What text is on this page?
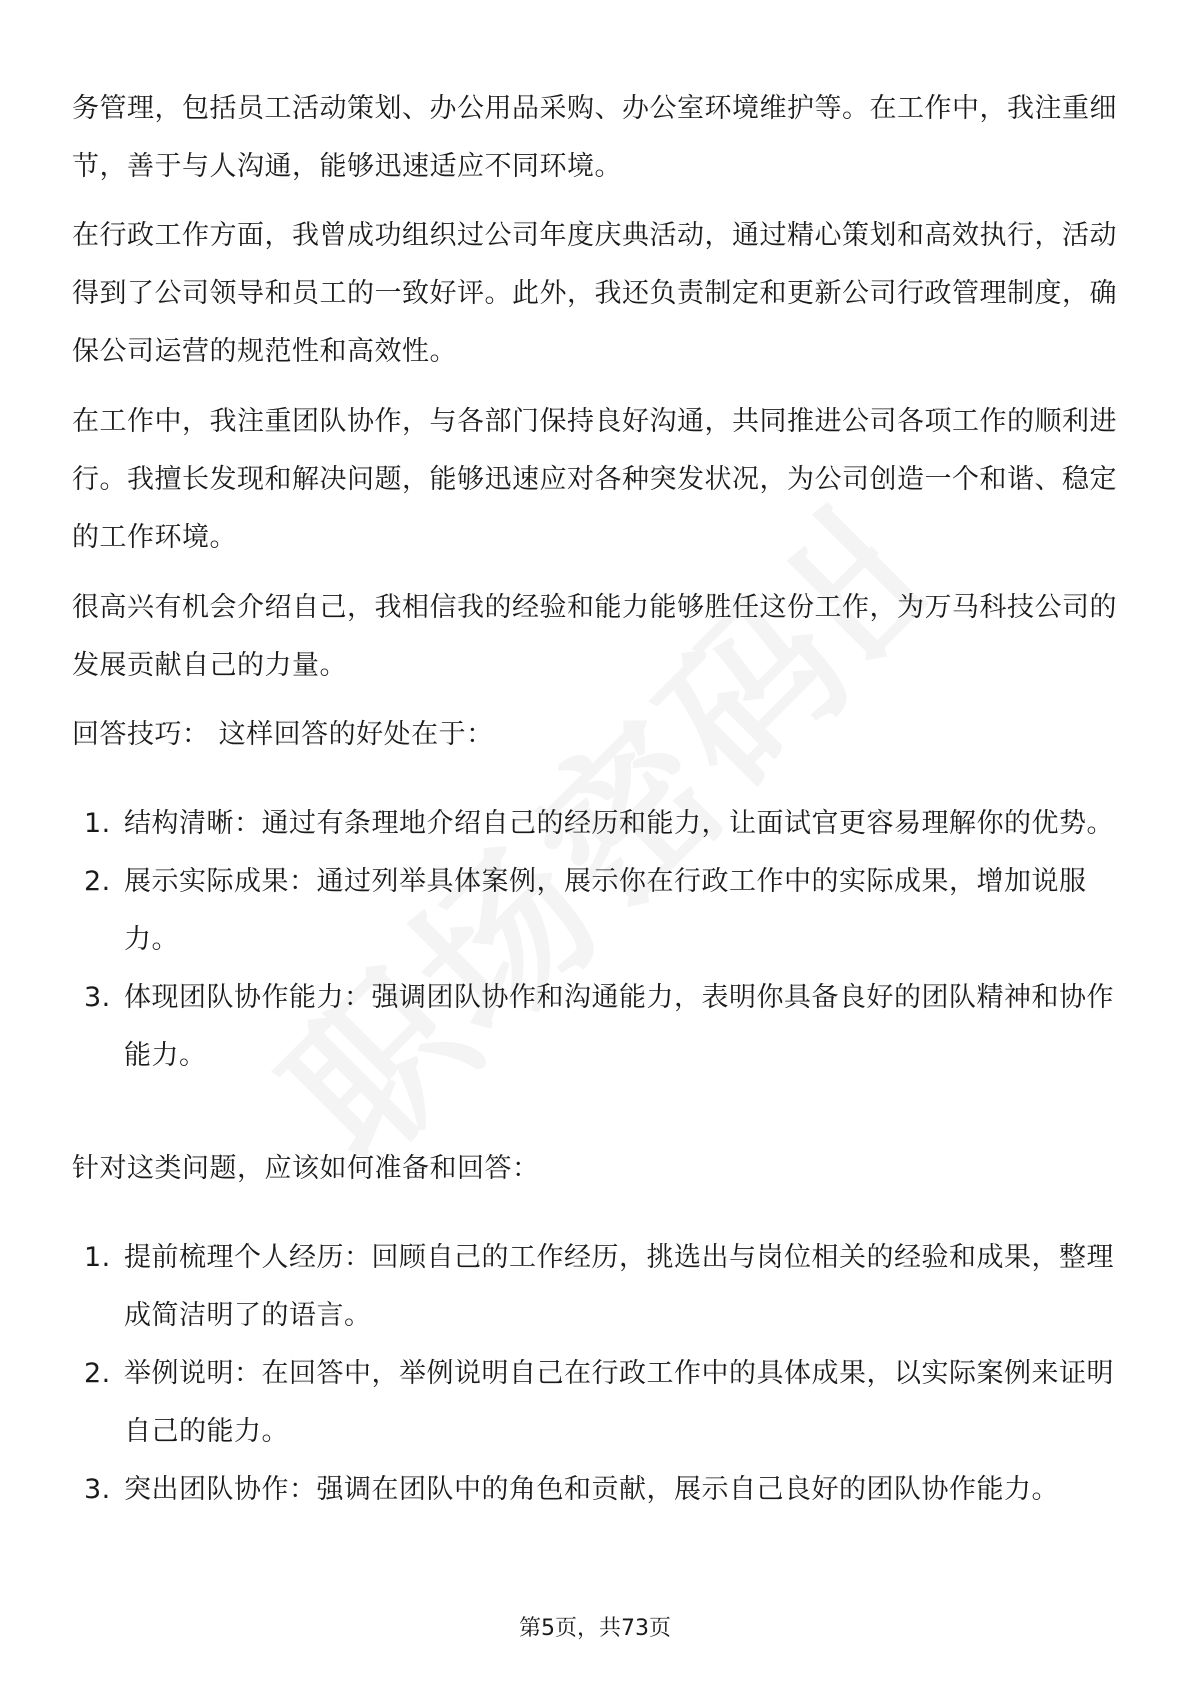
务管理，包括员工活动策划、办公用品采购、办公室环境维护等。在工作中，我注重细节，善于与人沟通，能够迅速适应不同环境。

在行政工作方面，我曾成功组织过公司年度庆典活动，通过精心策划和高效执行，活动得到了公司领导和员工的一致好评。此外，我还负责制定和更新公司行政管理制度，确保公司运营的规范性和高效性。

在工作中，我注重团队协作，与各部门保持良好沟通，共同推进公司各项工作的顺利进行。我擅长发现和解决问题，能够迅速应对各种突发状况，为公司创造一个和谐、稳定的工作环境。

很高兴有机会介绍自己，我相信我的经验和能力能够胜任这份工作，为万马科技公司的发展贡献自己的力量。

回答技巧： 这样回答的好处在于：

1. 结构清晰：通过有条理地介绍自己的经历和能力，让面试官更容易理解你的优势。
2. 展示实际成果：通过列举具体案例，展示你在行政工作中的实际成果，增加说服力。
3. 体现团队协作能力：强调团队协作和沟通能力，表明你具备良好的团队精神和协作能力。

针对这类问题，应该如何准备和回答：

1. 提前梳理个人经历：回顾自己的工作经历，挑选出与岗位相关的经验和成果，整理成简洁明了的语言。
2. 举例说明：在回答中，举例说明自己在行政工作中的具体成果，以实际案例来证明自己的能力。
3. 突出团队协作：强调在团队中的角色和贡献，展示自己良好的团队协作能力。
第5页，共73页
